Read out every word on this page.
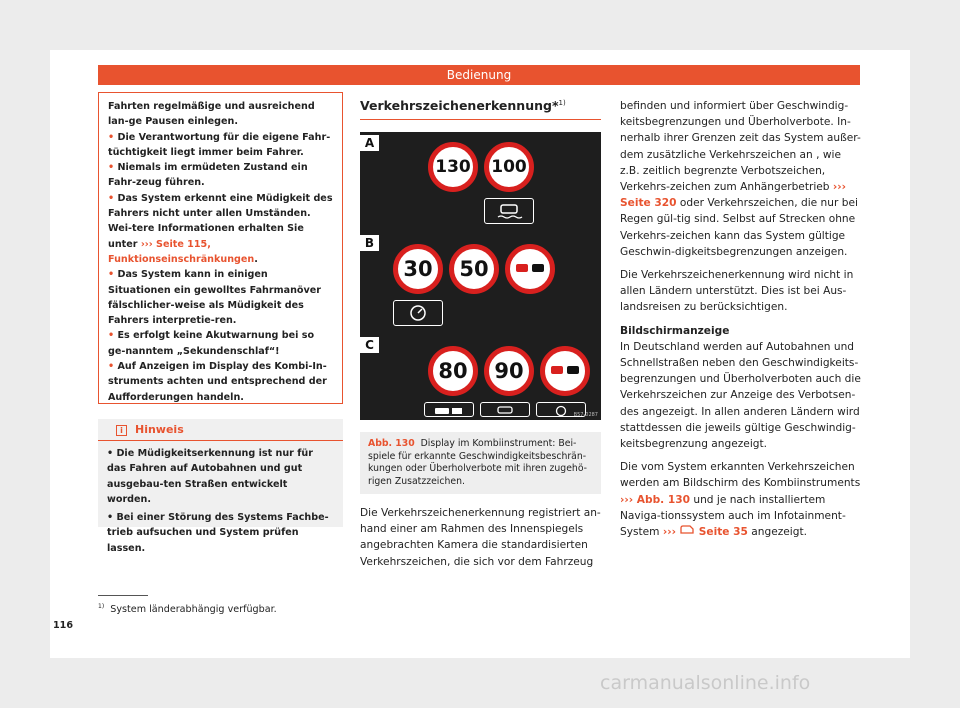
Bedienung

Fahrten regelmäßige und ausreichend lan-ge Pausen einlegen.

• Die Verantwortung für die eigene Fahr-tüchtigkeit liegt immer beim Fahrer.

• Niemals im ermüdeten Zustand ein Fahr-zeug führen.

• Das System erkennt eine Müdigkeit des Fahrers nicht unter allen Umständen. Wei-tere Informationen erhalten Sie unter ››› Seite 115, Funktionseinschränkungen.

• Das System kann in einigen Situationen ein gewolltes Fahrmanöver fälschlicher-weise als Müdigkeit des Fahrers interpretie-ren.

• Es erfolgt keine Akutwarnung bei so ge-nanntem „Sekundenschlaf“!

• Auf Anzeigen im Display des Kombi-In-struments achten und entsprechend der Aufforderungen handeln.

i Hinweis

• Die Müdigkeitserkennung ist nur für das Fahren auf Autobahnen und gut ausgebau-ten Straßen entwickelt worden.

• Bei einer Störung des Systems Fachbe-trieb aufsuchen und System prüfen lassen.

Verkehrszeichenerkennung*$^{1)}$
A
B
C
130	100
30	50
80	90
B57-0287
Abb. 130 Display im Kombiinstrument: Bei-spiele für erkannte Geschwindigkeitsbeschrän-kungen oder Überholverbote mit ihren zugehö-rigen Zusatzzeichen.
Die Verkehrszeichenerkennung registriert an-hand einer am Rahmen des Innenspiegels angebrachten Kamera die standardisierten Verkehrszeichen, die sich vor dem Fahrzeug

befinden und informiert über Geschwindig-keitsbegrenzungen und Überholverbote. In-nerhalb ihrer Grenzen zeit das System außer-dem zusätzliche Verkehrszeichen an , wie z.B. zeitlich begrenzte Verbotszeichen, Verkehrs-zeichen zum Anhängerbetrieb ››› Seite 320 oder Verkehrszeichen, die nur bei Regen gül-tig sind. Selbst auf Strecken ohne Verkehrs-zeichen kann das System gültige Geschwin-digkeitsbegrenzungen anzeigen.

Die Verkehrszeichenerkennung wird nicht in allen Ländern unterstützt. Dies ist bei Aus-landsreisen zu berücksichtigen.

Bildschirmanzeige

In Deutschland werden auf Autobahnen und Schnellstraßen neben den Geschwindigkeits-begrenzungen und Überholverboten auch die Verkehrszeichen zur Anzeige des Verbotsen-des angezeigt. In allen anderen Ländern wird stattdessen die jeweils gültige Geschwindig-keitsbegrenzung angezeigt.

Die vom System erkannten Verkehrszeichen werden am Bildschirm des Kombiinstruments ››› Abb. 130 und je nach installiertem Naviga-tionssystem auch im Infotainment-System ››› Seite 35 angezeigt.

$^{1)}$ System länderabhängig verfügbar.
116
carmanualsonline.info
